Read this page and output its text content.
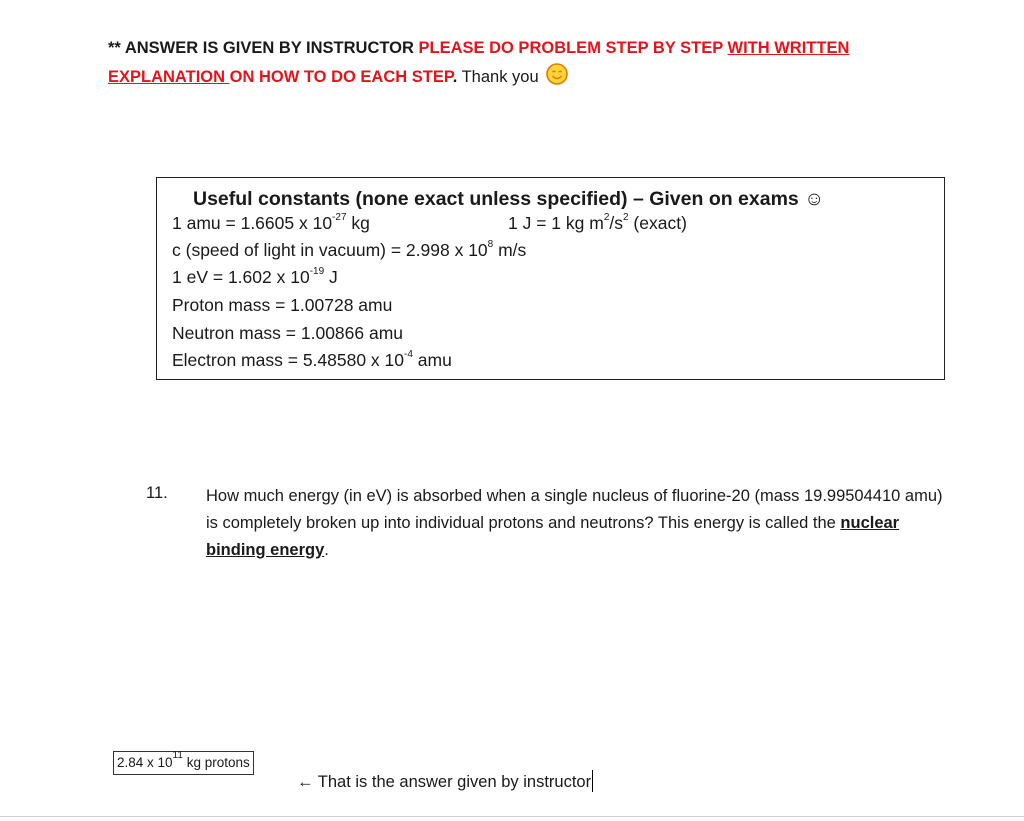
** ANSWER IS GIVEN BY INSTRUCTOR PLEASE DO PROBLEM STEP BY STEP WITH WRITTEN EXPLANATION ON HOW TO DO EACH STEP. Thank you
Useful constants (none exact unless specified) – Given on exams ☺
1 amu = 1.6605 x $10^{-27}$ kg	1 J = 1 kg $m^2/s^2$ (exact)
c (speed of light in vacuum) = 2.998 x $10^8$ m/s
1 eV = 1.602 x $10^{-19}$ J
Proton mass = 1.00728 amu
Neutron mass = 1.00866 amu
Electron mass = 5.48580 x $10^{-4}$ amu
11. How much energy (in eV) is absorbed when a single nucleus of fluorine-20 (mass 19.99504410 amu) is completely broken up into individual protons and neutrons? This energy is called the nuclear binding energy.
2.84 x $10^{11}$ kg protons
← That is the answer given by instructor
